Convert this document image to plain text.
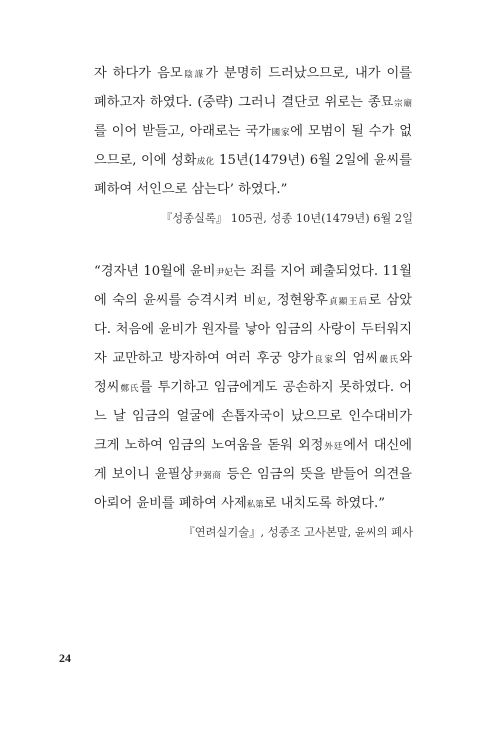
자 하다가 음모陰謀가 분명히 드러났으므로, 내가 이를
폐하고자 하였다. (중략) 그러니 결단코 위로는 종묘宗廟
를 이어 받들고, 아래로는 국가國家에 모범이 될 수가 없
으므로, 이에 성화成化 15년(1479년) 6월 2일에 윤씨를
폐하여 서인으로 삼는다’ 하였다.”
『성종실록』 105권, 성종 10년(1479년) 6월 2일
“경자년 10월에 윤비尹妃는 죄를 지어 폐출되었다. 11월
에 숙의 윤씨를 승격시켜 비妃, 정현왕후貞顯王后로 삼았
다. 처음에 윤비가 원자를 낳아 임금의 사랑이 두터워지
자 교만하고 방자하여 여러 후궁 양가良家의 엄씨嚴氏와
정씨鄭氏를 투기하고 임금에게도 공손하지 못하였다. 어
느 날 임금의 얼굴에 손톱자국이 났으므로 인수대비가
크게 노하여 임금의 노여움을 돋워 외정外廷에서 대신에
게 보이니 윤필상尹弼商 등은 임금의 뜻을 받들어 의견을
아뢰어 윤비를 폐하여 사제私第로 내치도록 하였다.”
『연려실기술』, 성종조 고사본말, 윤씨의 폐사
24
